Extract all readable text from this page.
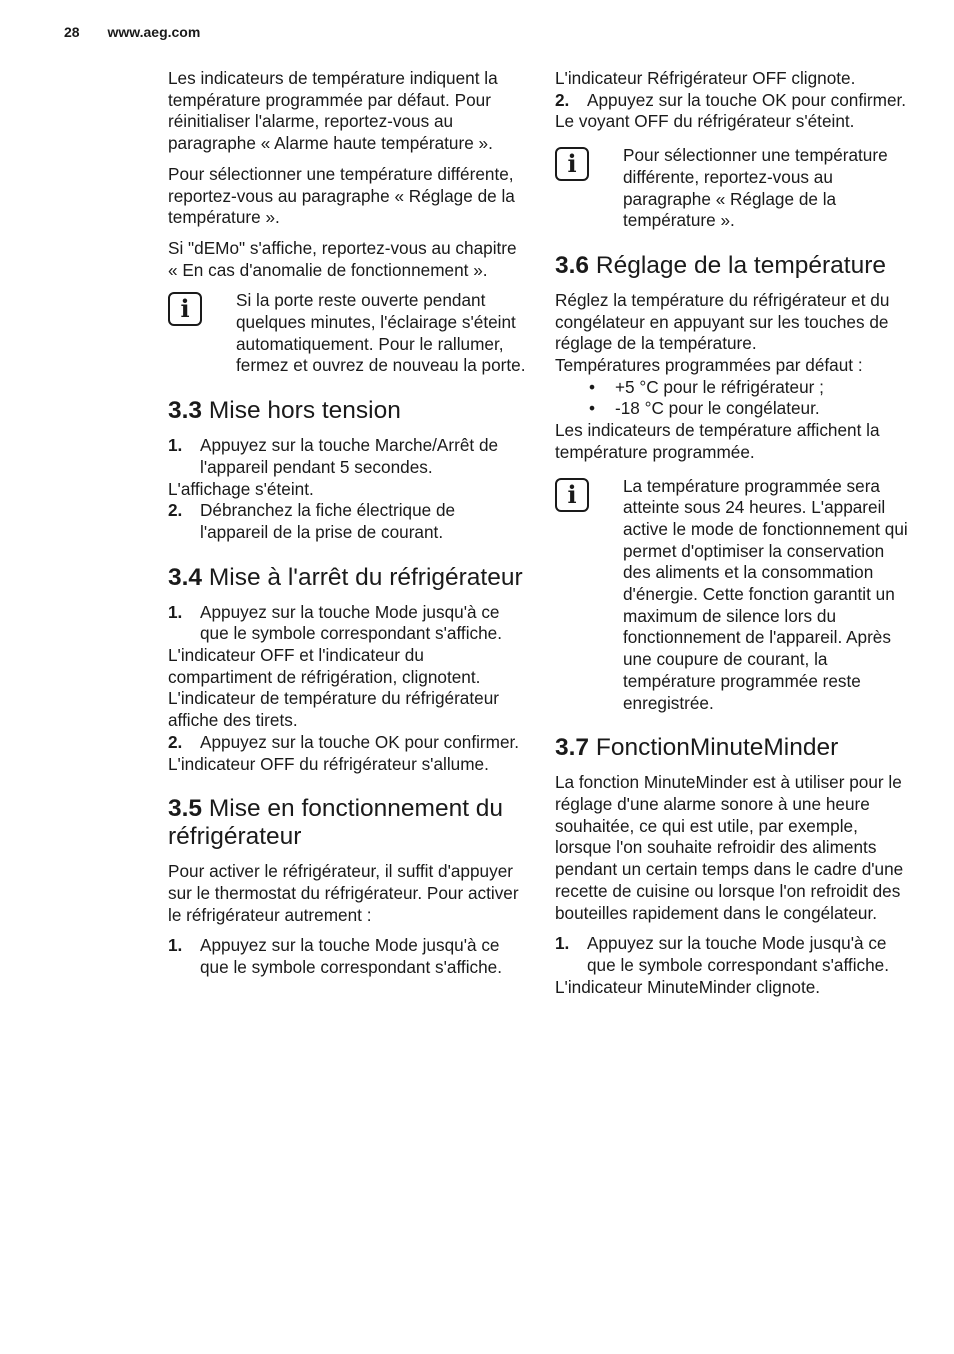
28 www.aeg.com

Les indicateurs de température indiquent la température programmée par défaut. Pour réinitialiser l'alarme, reportez-vous au paragraphe « Alarme haute température ».

Pour sélectionner une température différente, reportez-vous au paragraphe « Réglage de la température ».

Si "dEMo" s'affiche, reportez-vous au chapitre « En cas d'anomalie de fonctionnement ».

i	Si la porte reste ouverte pendant quelques minutes, l'éclairage s'éteint automatiquement. Pour le rallumer, fermez et ouvrez de nouveau la porte.
3.3 Mise hors tension
1.	Appuyez sur la touche Marche/Arrêt de l'appareil pendant 5 secondes.

L'affichage s'éteint.

2.	Débranchez la fiche électrique de l'appareil de la prise de courant.
3.4 Mise à l'arrêt du réfrigérateur
1.	Appuyez sur la touche Mode jusqu'à ce que le symbole correspondant s'affiche.

L'indicateur OFF et l'indicateur du compartiment de réfrigération, clignotent.

L'indicateur de température du réfrigérateur affiche des tirets.

2.	Appuyez sur la touche OK pour confirmer.

L'indicateur OFF du réfrigérateur s'allume.

3.5 Mise en fonctionnement du réfrigérateur

Pour activer le réfrigérateur, il suffit d'appuyer sur le thermostat du réfrigérateur. Pour activer le réfrigérateur autrement :

1.	Appuyez sur la touche Mode jusqu'à ce que le symbole correspondant s'affiche.

L'indicateur Réfrigérateur OFF clignote.

2.	Appuyez sur la touche OK pour confirmer.

Le voyant OFF du réfrigérateur s'éteint.

i	Pour sélectionner une température différente, reportez-vous au paragraphe « Réglage de la température ».
3.6 Réglage de la température

Réglez la température du réfrigérateur et du congélateur en appuyant sur les touches de réglage de la température.

Températures programmées par défaut :

•	+5 °C pour le réfrigérateur ;
•	-18 °C pour le congélateur.

Les indicateurs de température affichent la température programmée.

i	La température programmée sera atteinte sous 24 heures. L'appareil active le mode de fonctionnement qui permet d'optimiser la conservation des aliments et la consommation d'énergie. Cette fonction garantit un maximum de silence lors du fonctionnement de l'appareil. Après une coupure de courant, la température programmée reste enregistrée.
3.7 FonctionMinuteMinder

La fonction MinuteMinder est à utiliser pour le réglage d'une alarme sonore à une heure souhaitée, ce qui est utile, par exemple, lorsque l'on souhaite refroidir des aliments pendant un certain temps dans le cadre d'une recette de cuisine ou lorsque l'on refroidit des bouteilles rapidement dans le congélateur.

1.	Appuyez sur la touche Mode jusqu'à ce que le symbole correspondant s'affiche.

L'indicateur MinuteMinder clignote.
